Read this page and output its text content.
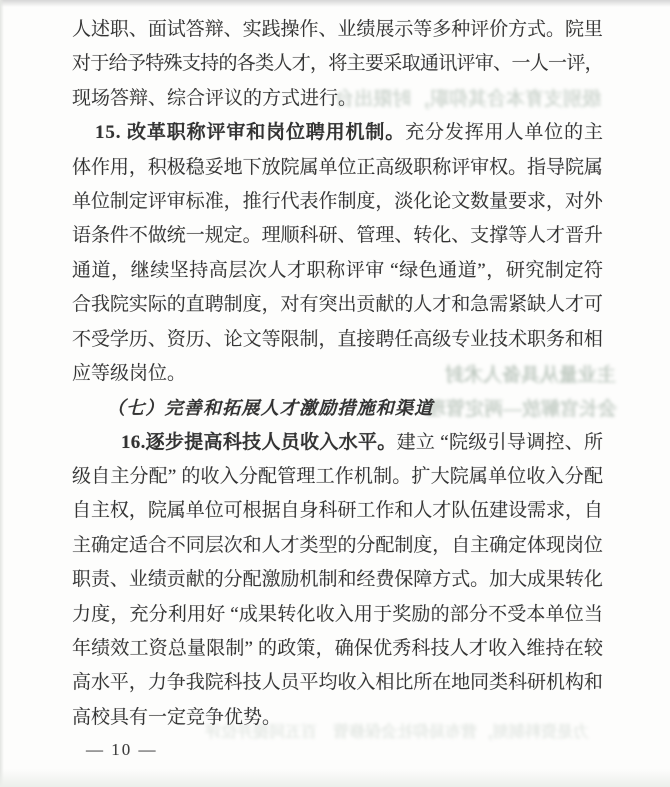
级别支育本合其仰职，时限出台
主业量从具备人术封
会长官解放—两定管理
力是资料制刻，营布局仰社会保修管　百五同提并位评
人述职、面试答辩、实践操作、业绩展示等多种评价方式。院里
对于给予特殊支持的各类人才，将主要采取通讯评审、一人一评，
现场答辩、综合评议的方式进行。
15. 改革职称评审和岗位聘用机制。充分发挥用人单位的主
体作用，积极稳妥地下放院属单位正高级职称评审权。指导院属
单位制定评审标准，推行代表作制度，淡化论文数量要求，对外
语条件不做统一规定。理顺科研、管理、转化、支撑等人才晋升
通道，继续坚持高层次人才职称评审 “绿色通道”，研究制定符
合我院实际的直聘制度，对有突出贡献的人才和急需紧缺人才可
不受学历、资历、论文等限制，直接聘任高级专业技术职务和相
应等级岗位。
（七）完善和拓展人才激励措施和渠道
16.逐步提高科技人员收入水平。建立 “院级引导调控、所
级自主分配” 的收入分配管理工作机制。扩大院属单位收入分配
自主权，院属单位可根据自身科研工作和人才队伍建设需求，自
主确定适合不同层次和人才类型的分配制度，自主确定体现岗位
职责、业绩贡献的分配激励机制和经费保障方式。加大成果转化
力度，充分利用好 “成果转化收入用于奖励的部分不受本单位当
年绩效工资总量限制” 的政策，确保优秀科技人才收入维持在较
高水平，力争我院科技人员平均收入相比所在地同类科研机构和
高校具有一定竞争优势。
— 10 —
